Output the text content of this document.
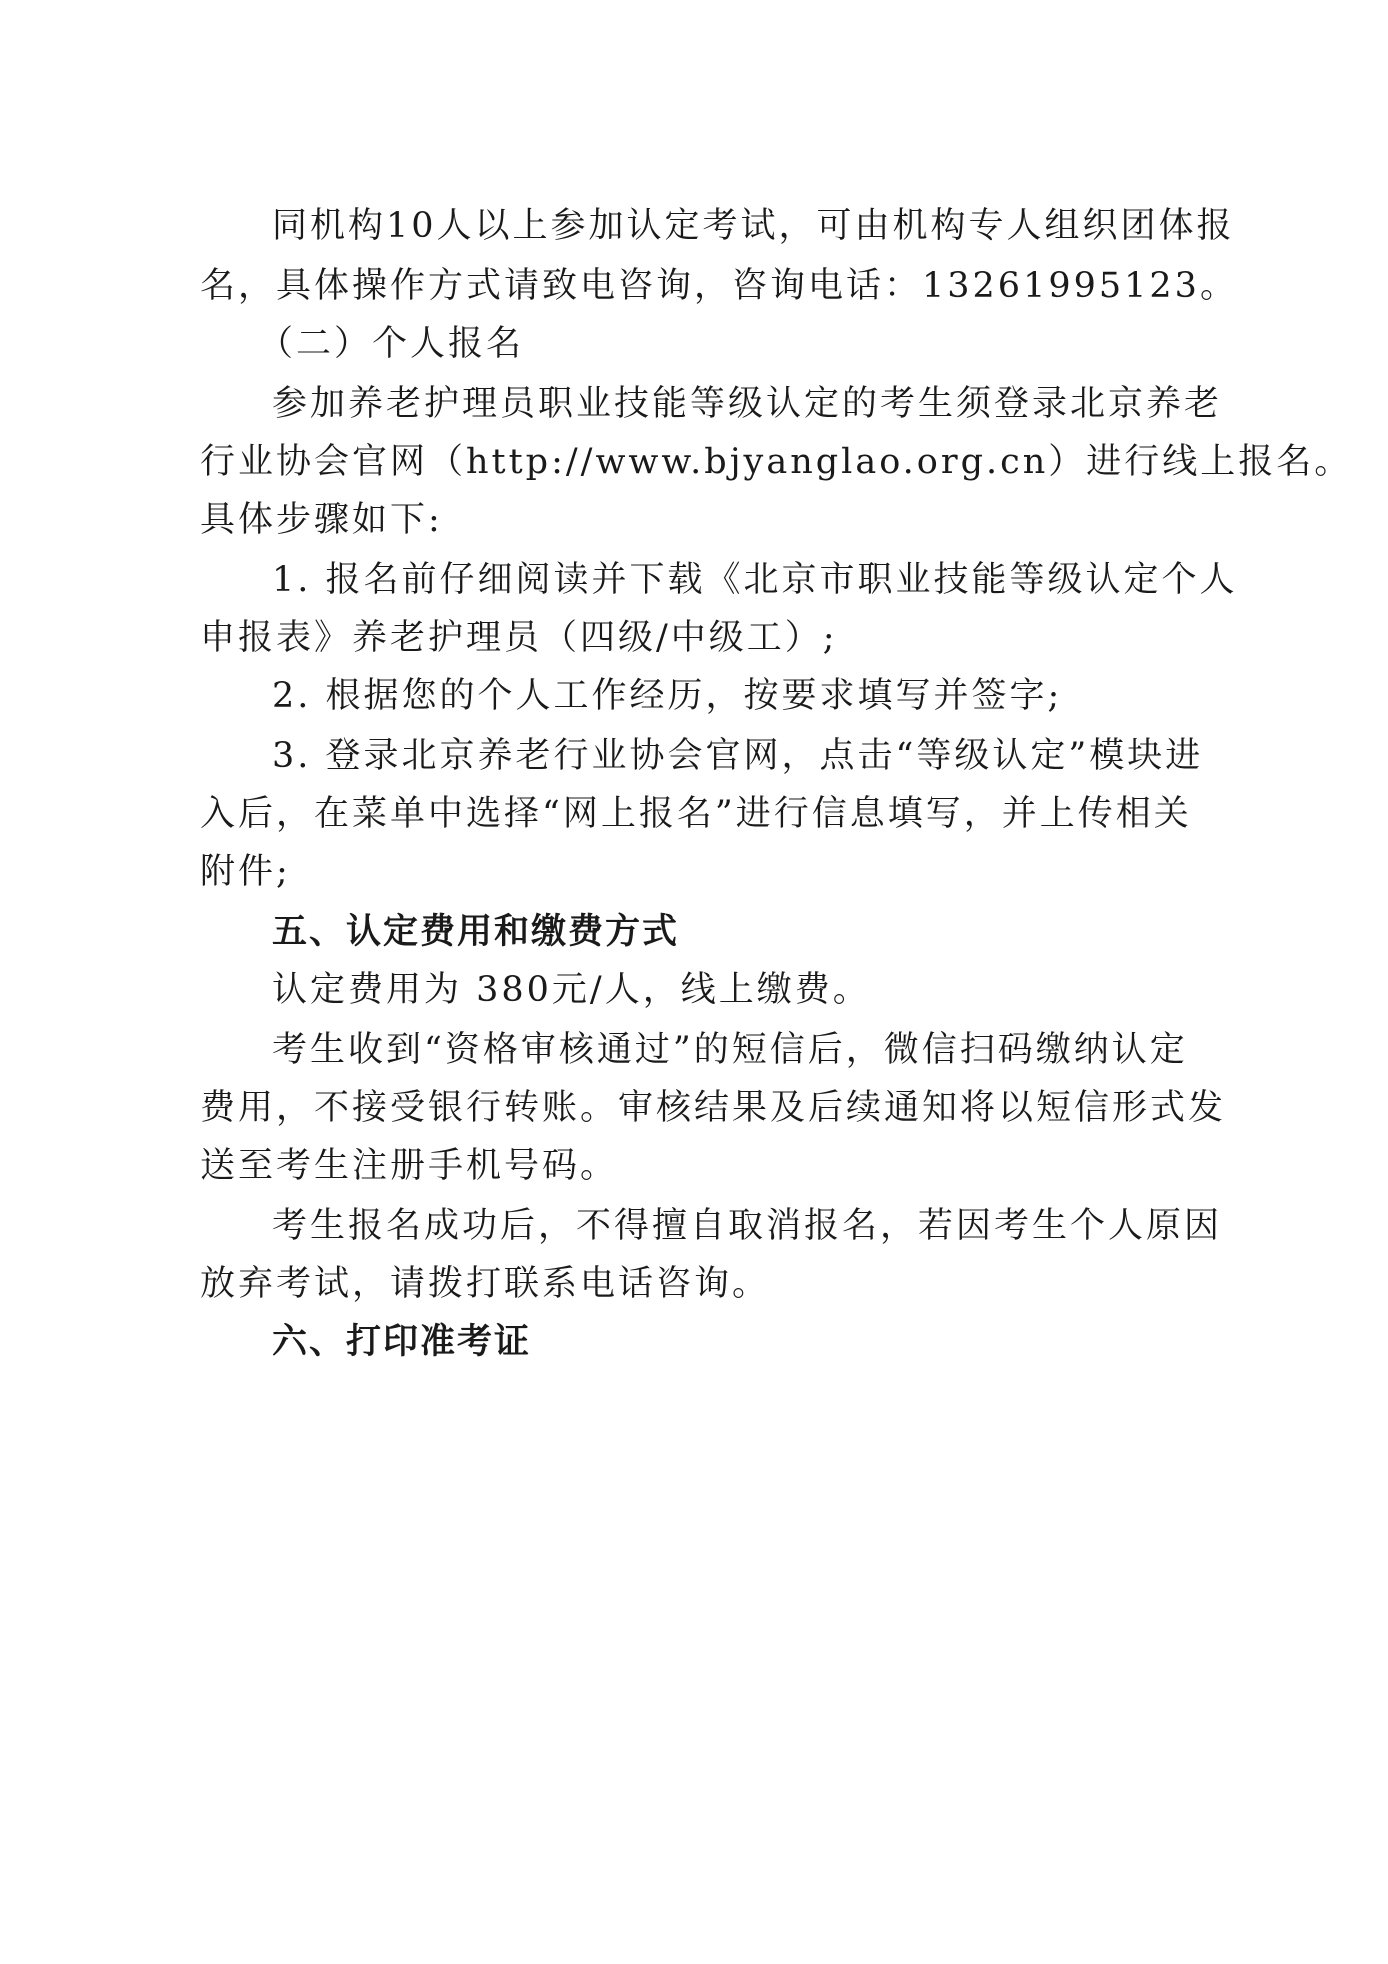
同机构10人以上参加认定考试，可由机构专人组织团体报
名，具体操作方式请致电咨询，咨询电话：13261995123。
（二）个人报名
参加养老护理员职业技能等级认定的考生须登录北京养老
行业协会官网（http://www.bjyanglao.org.cn）进行线上报名。
具体步骤如下:
1. 报名前仔细阅读并下载《北京市职业技能等级认定个人
申报表》养老护理员（四级/中级工）;
2. 根据您的个人工作经历，按要求填写并签字;
3. 登录北京养老行业协会官网，点击“等级认定”模块进
入后，在菜单中选择“网上报名”进行信息填写，并上传相关
附件;
五、认定费用和缴费方式
认定费用为 380元/人，线上缴费。
考生收到“资格审核通过”的短信后，微信扫码缴纳认定
费用，不接受银行转账。审核结果及后续通知将以短信形式发
送至考生注册手机号码。
考生报名成功后，不得擅自取消报名，若因考生个人原因
放弃考试，请拨打联系电话咨询。
六、打印准考证
